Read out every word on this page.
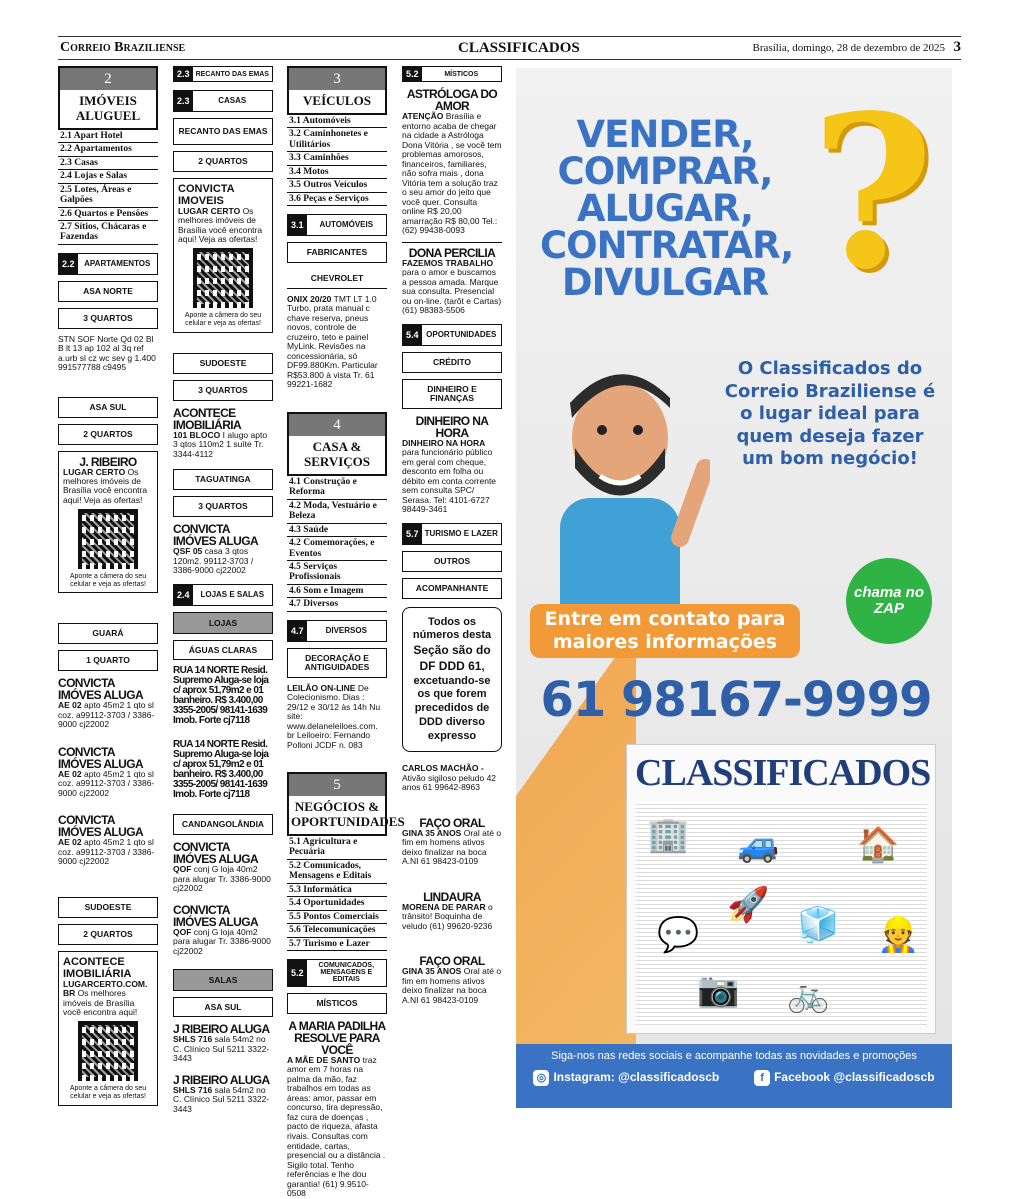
Correio Braziliense	CLASSIFICADOS	Brasília, domingo, 28 de dezembro de 2025 3
2
IMÓVEIS ALUGUEL
2.1 Apart Hotel
2.2 Apartamentos
2.3 Casas
2.4 Lojas e Salas
2.5 Lotes, Áreas e Galpões
2.6 Quartos e Pensões
2.7 Sítios, Chácaras e Fazendas
2.2	APARTAMENTOS
ASA NORTE
3 QUARTOS
STN SOF Norte Qd 02 Bl B lt 13 ap 102 al 3q ref a.urb sl cz wc sev g 1.400 991577788 c9495
ASA SUL
2 QUARTOS
J. RIBEIRO
LUGAR CERTO Os melhores imóveis de Brasília você encontra aqui! Veja as ofertas!
Aponte a câmera do seu celular e veja as ofertas!
GUARÁ
1 QUARTO
CONVICTA IMÓVES ALUGA
AE 02 apto 45m2 1 qto sl coz. a99112-3703 / 3386-9000 cj22002
CONVICTA IMÓVES ALUGA
AE 02 apto 45m2 1 qto sl coz. a99112-3703 / 3386-9000 cj22002
CONVICTA IMÓVES ALUGA
AE 02 apto 45m2 1 qto sl coz. a99112-3703 / 3386-9000 cj22002
SUDOESTE
2 QUARTOS
ACONTECE IMOBILIÁRIA
LUGARCERTO.COM. BR Os melhores imóveis de Brasília você encontra aqui!
Aponte a câmera do seu celular e veja as ofertas!
2.3 RECANTO DAS EMAS
2.3	CASAS
RECANTO DAS EMAS
2 QUARTOS
CONVICTA IMOVEIS
LUGAR CERTO Os melhores imóveis de Brasília você encontra aqui! Veja as ofertas!
Aponte a câmera do seu celular e veja as ofertas!
SUDOESTE
3 QUARTOS
ACONTECE IMOBILIÁRIA
101 BLOCO I alugo apto 3 qtos 110m2 1 suíte Tr. 3344-4112
TAGUATINGA
3 QUARTOS
CONVICTA IMÓVES ALUGA
QSF 05 casa 3 qtos 120m2. 99112-3703 / 3386-9000 cj22002
2.4	LOJAS E SALAS
LOJAS
ÁGUAS CLARAS
RUA 14 NORTE Resid. Supremo Aluga-se loja c/ aprox 51,79m2 e 01 banheiro. R$ 3.400,00 3355-2005/ 98141-1639 Imob. Forte cj7118
RUA 14 NORTE Resid. Supremo Aluga-se loja c/ aprox 51,79m2 e 01 banheiro. R$ 3.400,00 3355-2005/ 98141-1639 Imob. Forte cj7118
CANDANGOLÂNDIA
CONVICTA IMÓVES ALUGA
QOF conj G loja 40m2 para alugar Tr. 3386-9000 cj22002
CONVICTA IMÓVES ALUGA
QOF conj G loja 40m2 para alugar Tr. 3386-9000 cj22002
SALAS
ASA SUL
J RIBEIRO ALUGA
SHLS 716 sala 54m2 no C. Clínico Sul 5211 3322-3443
J RIBEIRO ALUGA
SHLS 716 sala 54m2 no C. Clínico Sul 5211 3322-3443
3
VEÍCULOS
3.1 Automóveis
3.2 Caminhonetes e Utilitários
3.3 Caminhões
3.4 Motos
3.5 Outros Veículos
3.6 Peças e Serviços
3.1	AUTOMÓVEIS
FABRICANTES
CHEVROLET
ONIX 20/20 TMT LT 1.0 Turbo, prata manual c chave reserva, pneus novos, controle de cruzeiro, teto e painel MyLink. Revisões na concessionária, só DF99.880Km. Particular R$53.800 à vista Tr. 61 99221-1682
4
CASA & SERVIÇOS
4.1 Construção e Reforma
4.2 Moda, Vestuário e Beleza
4.3 Saúde
4.2 Comemorações, e Eventos
4.5 Serviços Profissionais
4.6 Som e Imagem
4.7 Diversos
4.7	DIVERSOS
DECORAÇÃO E ANTIGUIDADES
LEILÃO ON-LINE De Colecionismo. Dias : 29/12 e 30/12 às 14h Nu site: www.delaneleiloes.com. br Leiloeiro: Fernando Polloni JCDF n. 083
5
NEGÓCIOS & OPORTUNIDADES
5.1 Agricultura e Pecuária
5.2 Comunicados, Mensagens e Editais
5.3 Informática
5.4 Oportunidades
5.5 Pontos Comerciais
5.6 Telecomunicações
5.7 Turismo e Lazer
5.2
COMUNICADOS, MENSAGENS E EDITAIS
MÍSTICOS
A MARIA PADILHA RESOLVE PARA VOCÊ
A MÃE DE SANTO traz amor em 7 horas na palma da mão, faz trabalhos em todas as áreas: amor, passar em concurso, tira depressão, faz cura de doenças , pacto de riqueza, afasta rivais. Consultas com entidade, cartas, presencial ou a distância . Sigilo total. Tenho referências e lhe dou garantia! (61) 9.9510-0508
5.2	MÍSTICOS
ASTRÓLOGA DO AMOR
ATENÇÃO Brasília e entorno acaba de chegar na cidade a Astróloga Dona Vitória , se você tem problemas amorosos, financeiros, familiares, não sofra mais , dona Vitória tem a solução traz o seu amor do jeito que você quer. Consulta online R$ 20,00 amarração R$ 80,00 Tel.: (62) 99438-0093
DONA PERCILIA
FAZEMOS TRABALHO para o amor e buscamos a pessoa amada. Marque sua consulta. Presencial ou on-line. (tarôt e Cartas) (61) 98383-5506
5.4 OPORTUNIDADES
CRÉDITO
DINHEIRO E FINANÇAS
DINHEIRO NA HORA
DINHEIRO NA HORA para funcionário público em geral com cheque, desconto em folha ou débito em conta corrente sem consulta SPC/ Serasa. Tel: 4101-6727 98449-3461
5.7 TURISMO E LAZER
OUTROS
ACOMPANHANTE
Todos os números desta Seção são do DF DDD 61, excetuando-se os que forem precedidos de DDD diverso expresso
CARLOS MACHÃO - Ativão sigiloso peludo 42 anos 61 99642-8963
FAÇO ORAL
GINA 35 ANOS Oral até o fim em homens ativos deixo finalizar na boca A.NI 61 98423-0109
LINDAURA
MORENA DE PARAR o trânsito! Boquinha de veludo (61) 99620-9236
FAÇO ORAL
GINA 35 ANOS Oral até o fim em homens ativos deixo finalizar na boca A.NI 61 98423-0109
VENDER, COMPRAR, ALUGAR, CONTRATAR, DIVULGAR ?
O Classificados do Correio Braziliense é o lugar ideal para quem deseja fazer um bom negócio!
chama no ZAP
Entre em contato para maiores informações
61 98167-9999
CLASSIFICADOS
🏢 🚙 🏠
🚀
💬	🧊 👷
📷 🚲
Siga-nos nas redes sociais e acompanhe todas as novidades e promoções
◎ Instagram: @classificadoscb	f Facebook @classificadoscb
